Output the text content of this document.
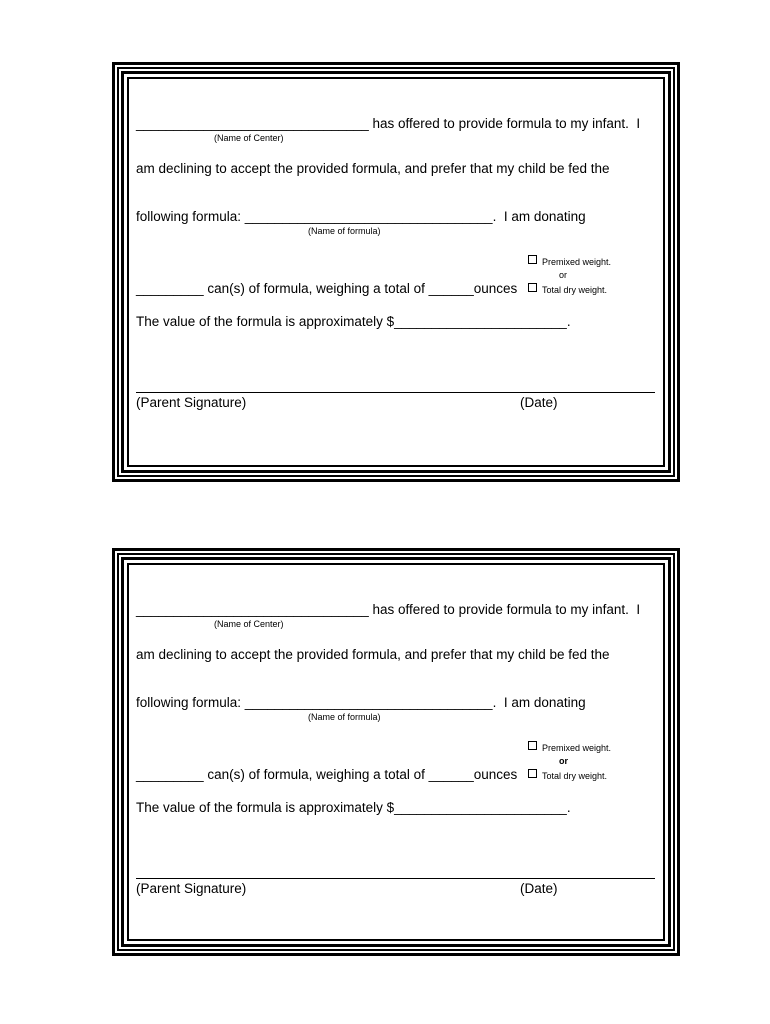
_______________________________ has offered to provide formula to my infant.  I
(Name of Center)
am declining to accept the provided formula, and prefer that my child be fed the
following formula: _________________________________.  I am donating
(Name of formula)
Premixed weight.
or
_________ can(s) of formula, weighing a total of ______ounces	Total dry weight.
The value of the formula is approximately $_______________________.
(Parent Signature)	(Date)
_______________________________ has offered to provide formula to my infant.  I
(Name of Center)
am declining to accept the provided formula, and prefer that my child be fed the
following formula: _________________________________.  I am donating
(Name of formula)
Premixed weight.
or
_________ can(s) of formula, weighing a total of ______ounces	Total dry weight.
The value of the formula is approximately $_______________________.
(Parent Signature)	(Date)
